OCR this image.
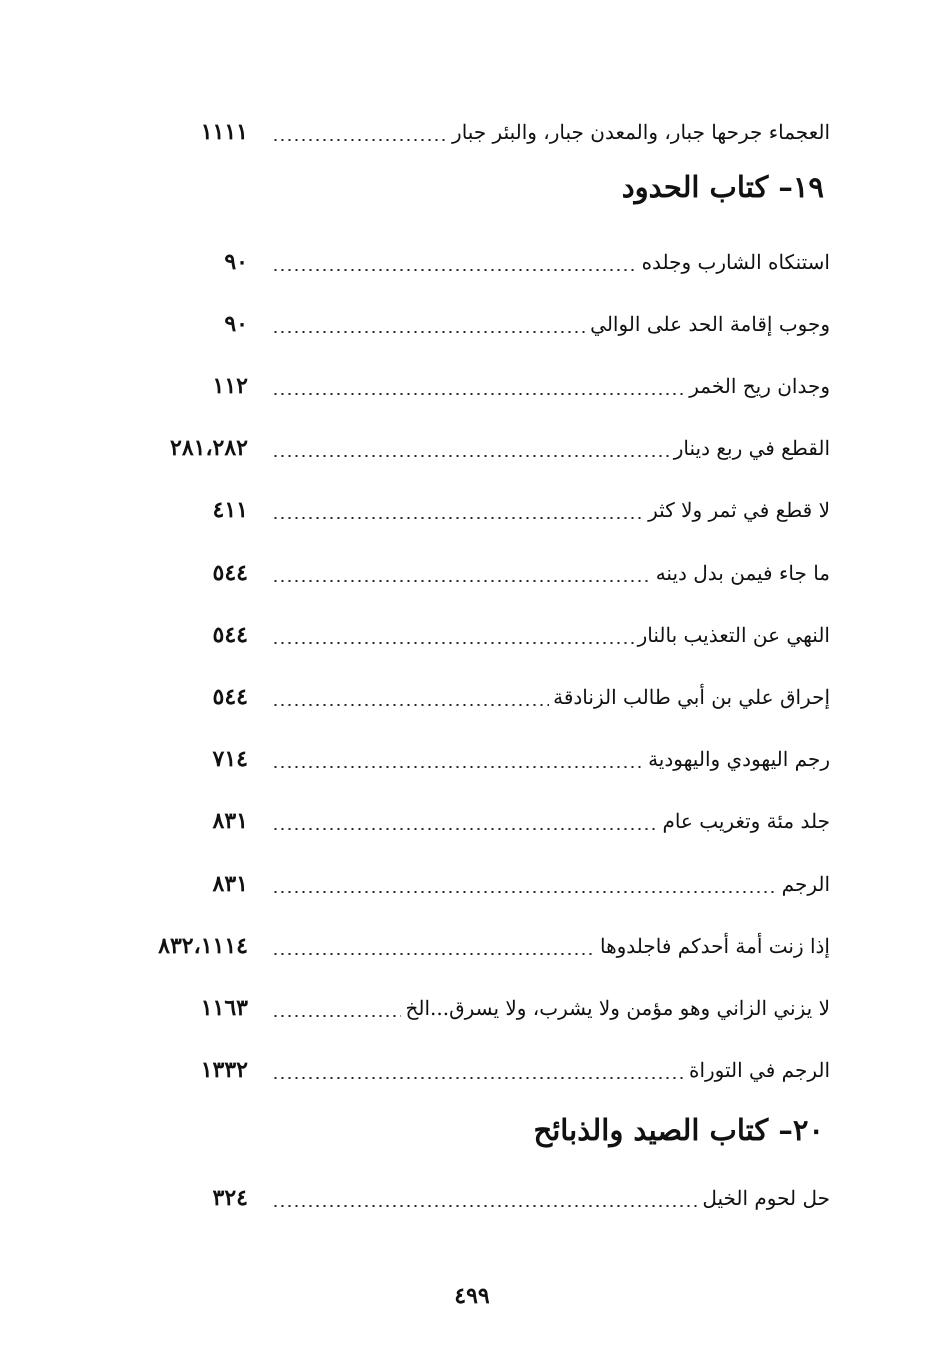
١١١١	العجماء جرحها جبار، والمعدن جبار، والبئر جبار
١٩– كتاب الحدود
٩٠	استنكاه الشارب وجلده
٩٠	وجوب إقامة الحد على الوالي
١١٢	وجدان ريح الخمر
٢٨١،٢٨٢	القطع في ربع دينار
٤١١	لا قطع في ثمر ولا كثر
٥٤٤	ما جاء فيمن بدل دينه
٥٤٤	النهي عن التعذيب بالنار
٥٤٤	إحراق علي بن أبي طالب الزنادقة
٧١٤	رجم اليهودي واليهودية
٨٣١	جلد مئة وتغريب عام
٨٣١	الرجم
٨٣٢،١١١٤	إذا زنت أمة أحدكم فاجلدوها
١١٦٣	لا يزني الزاني وهو مؤمن ولا يشرب، ولا يسرق...الخ
١٣٣٢	الرجم في التوراة
٢٠– كتاب الصيد والذبائح
٣٢٤	حل لحوم الخيل
٤٩٩
